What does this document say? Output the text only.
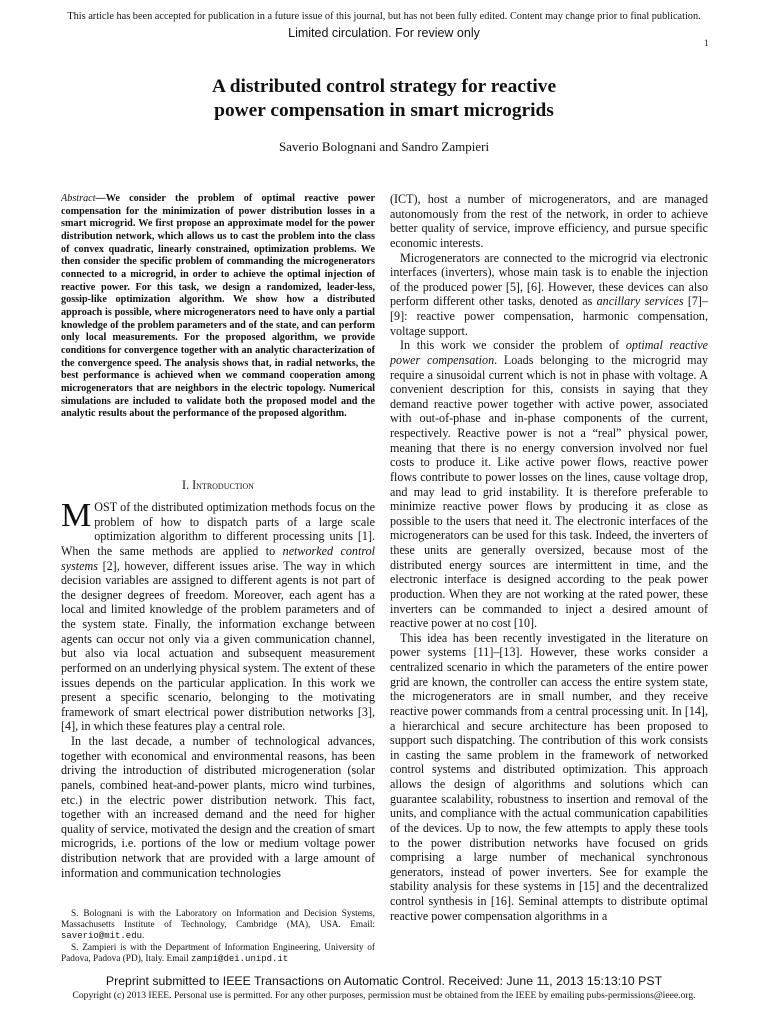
This article has been accepted for publication in a future issue of this journal, but has not been fully edited. Content may change prior to final publication.
Limited circulation. For review only
1
A distributed control strategy for reactive
power compensation in smart microgrids
Saverio Bolognani and Sandro Zampieri

Abstract—We consider the problem of optimal reactive power compensation for the minimization of power distribution losses in a smart microgrid. We first propose an approximate model for the power distribution network, which allows us to cast the problem into the class of convex quadratic, linearly constrained, optimization problems. We then consider the specific problem of commanding the microgenerators connected to a microgrid, in order to achieve the optimal injection of reactive power. For this task, we design a randomized, leader-less, gossip-like optimization algorithm. We show how a distributed approach is possible, where microgenerators need to have only a partial knowledge of the problem parameters and of the state, and can perform only local measurements. For the proposed algorithm, we provide conditions for convergence together with an analytic characterization of the convergence speed. The analysis shows that, in radial networks, the best performance is achieved when we command cooperation among microgenerators that are neighbors in the electric topology. Numerical simulations are included to validate both the proposed model and the analytic results about the performance of the proposed algorithm.

I. Introduction

MOST of the distributed optimization methods focus on the problem of how to dispatch parts of a large scale optimization algorithm to different processing units [1]. When the same methods are applied to networked control systems [2], however, different issues arise. The way in which decision variables are assigned to different agents is not part of the designer degrees of freedom. Moreover, each agent has a local and limited knowledge of the problem parameters and of the system state. Finally, the information exchange between agents can occur not only via a given communication channel, but also via local actuation and subsequent measurement performed on an underlying physical system. The extent of these issues depends on the particular application. In this work we present a specific scenario, belonging to the motivating framework of smart electrical power distribution networks [3], [4], in which these features play a central role.

In the last decade, a number of technological advances, together with economical and environmental reasons, has been driving the introduction of distributed microgeneration (solar panels, combined heat-and-power plants, micro wind turbines, etc.) in the electric power distribution network. This fact, together with an increased demand and the need for higher quality of service, motivated the design and the creation of smart microgrids, i.e. portions of the low or medium voltage power distribution network that are provided with a large amount of information and communication technologies

(ICT), host a number of microgenerators, and are managed autonomously from the rest of the network, in order to achieve better quality of service, improve efficiency, and pursue specific economic interests.

Microgenerators are connected to the microgrid via electronic interfaces (inverters), whose main task is to enable the injection of the produced power [5], [6]. However, these devices can also perform different other tasks, denoted as ancillary services [7]–[9]: reactive power compensation, harmonic compensation, voltage support.

In this work we consider the problem of optimal reactive power compensation. Loads belonging to the microgrid may require a sinusoidal current which is not in phase with voltage. A convenient description for this, consists in saying that they demand reactive power together with active power, associated with out-of-phase and in-phase components of the current, respectively. Reactive power is not a “real” physical power, meaning that there is no energy conversion involved nor fuel costs to produce it. Like active power flows, reactive power flows contribute to power losses on the lines, cause voltage drop, and may lead to grid instability. It is therefore preferable to minimize reactive power flows by producing it as close as possible to the users that need it. The electronic interfaces of the microgenerators can be used for this task. Indeed, the inverters of these units are generally oversized, because most of the distributed energy sources are intermittent in time, and the electronic interface is designed according to the peak power production. When they are not working at the rated power, these inverters can be commanded to inject a desired amount of reactive power at no cost [10].

This idea has been recently investigated in the literature on power systems [11]–[13]. However, these works consider a centralized scenario in which the parameters of the entire power grid are known, the controller can access the entire system state, the microgenerators are in small number, and they receive reactive power commands from a central processing unit. In [14], a hierarchical and secure architecture has been proposed to support such dispatching. The contribution of this work consists in casting the same problem in the framework of networked control systems and distributed optimization. This approach allows the design of algorithms and solutions which can guarantee scalability, robustness to insertion and removal of the units, and compliance with the actual communication capabilities of the devices. Up to now, the few attempts to apply these tools to the power distribution networks have focused on grids comprising a large number of mechanical synchronous generators, instead of power inverters. See for example the stability analysis for these systems in [15] and the decentralized control synthesis in [16]. Seminal attempts to distribute optimal reactive power compensation algorithms in a

S. Bolognani is with the Laboratory on Information and Decision Systems, Massachusetts Institute of Technology, Cambridge (MA), USA. Email: saverio@mit.edu.

S. Zampieri is with the Department of Information Engineering, University of Padova, Padova (PD), Italy. Email zampi@dei.unipd.it

Preprint submitted to IEEE Transactions on Automatic Control. Received: June 11, 2013 15:13:10 PST
Copyright (c) 2013 IEEE. Personal use is permitted. For any other purposes, permission must be obtained from the IEEE by emailing pubs-permissions@ieee.org.
